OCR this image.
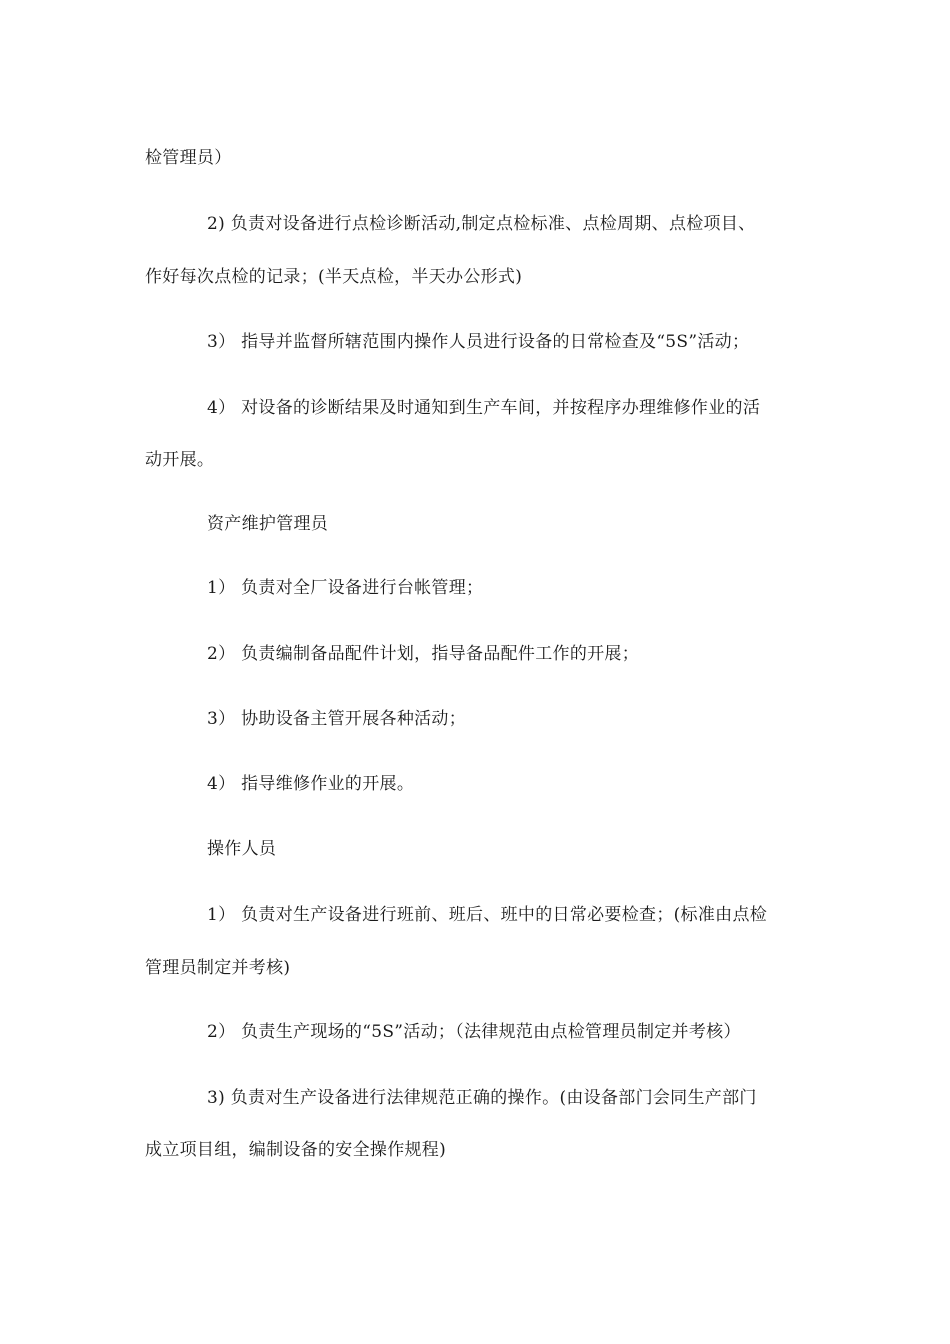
检管理员）
2) 负责对设备进行点检诊断活动,制定点检标准、点检周期、点检项目、
作好每次点检的记录；(半天点检，半天办公形式)
3） 指导并监督所辖范围内操作人员进行设备的日常检查及“5S”活动；
4） 对设备的诊断结果及时通知到生产车间，并按程序办理维修作业的活
动开展。
资产维护管理员
1） 负责对全厂设备进行台帐管理；
2） 负责编制备品配件计划，指导备品配件工作的开展；
3） 协助设备主管开展各种活动；
4） 指导维修作业的开展。
操作人员
1） 负责对生产设备进行班前、班后、班中的日常必要检查；(标准由点检
管理员制定并考核)
2） 负责生产现场的“5S”活动；（法律规范由点检管理员制定并考核）
3) 负责对生产设备进行法律规范正确的操作。(由设备部门会同生产部门
成立项目组，编制设备的安全操作规程)
